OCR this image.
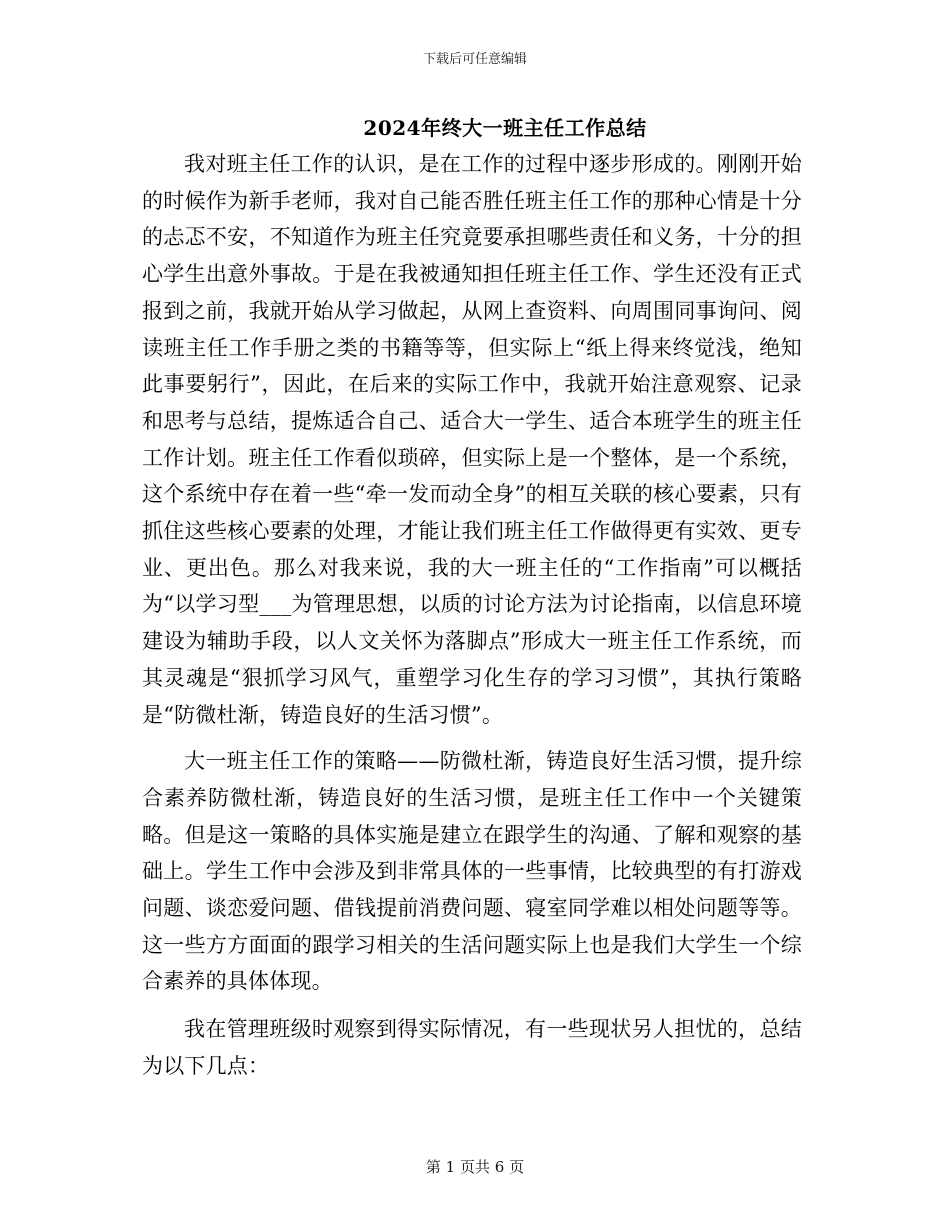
下载后可任意编辑
2024年终大一班主任工作总结

我对班主任工作的认识，是在工作的过程中逐步形成的。刚刚开始的时候作为新手老师，我对自己能否胜任班主任工作的那种心情是十分的忐忑不安，不知道作为班主任究竟要承担哪些责任和义务，十分的担心学生出意外事故。于是在我被通知担任班主任工作、学生还没有正式报到之前，我就开始从学习做起，从网上查资料、向周围同事询问、阅读班主任工作手册之类的书籍等等，但实际上“纸上得来终觉浅，绝知此事要躬行”，因此，在后来的实际工作中，我就开始注意观察、记录和思考与总结，提炼适合自己、适合大一学生、适合本班学生的班主任工作计划。班主任工作看似琐碎，但实际上是一个整体，是一个系统，这个系统中存在着一些“牵一发而动全身”的相互关联的核心要素，只有抓住这些核心要素的处理，才能让我们班主任工作做得更有实效、更专业、更出色。那么对我来说，我的大一班主任的“工作指南”可以概括为“以学习型___为管理思想，以质的讨论方法为讨论指南，以信息环境建设为辅助手段，以人文关怀为落脚点”形成大一班主任工作系统，而其灵魂是“狠抓学习风气，重塑学习化生存的学习习惯”，其执行策略是“防微杜渐，铸造良好的生活习惯”。

大一班主任工作的策略——防微杜渐，铸造良好生活习惯，提升综合素养防微杜渐，铸造良好的生活习惯，是班主任工作中一个关键策略。但是这一策略的具体实施是建立在跟学生的沟通、了解和观察的基础上。学生工作中会涉及到非常具体的一些事情，比较典型的有打游戏问题、谈恋爱问题、借钱提前消费问题、寝室同学难以相处问题等等。这一些方方面面的跟学习相关的生活问题实际上也是我们大学生一个综合素养的具体体现。

我在管理班级时观察到得实际情况，有一些现状另人担忧的，总结为以下几点：

第 1 页共 6 页
